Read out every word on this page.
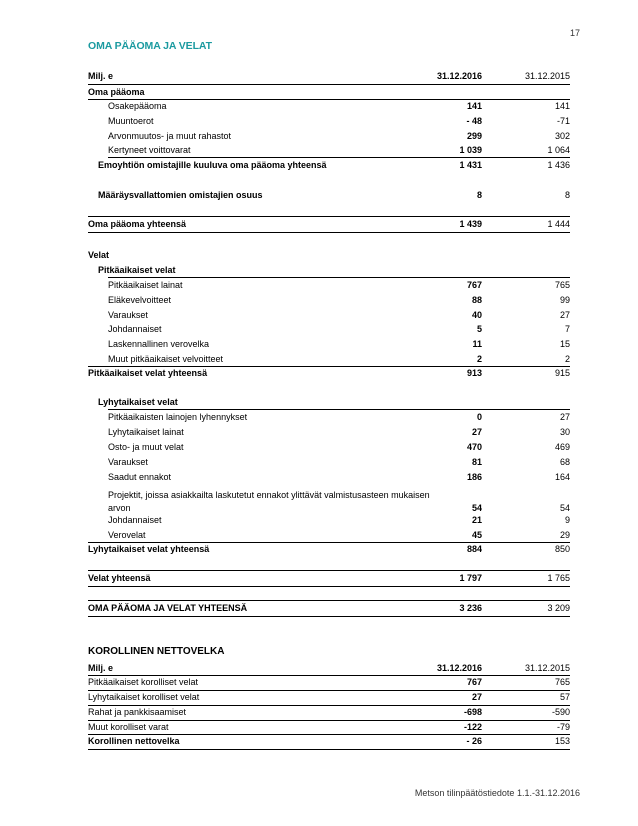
17
OMA PÄÄOMA JA VELAT
Milj. e	31.12.2016	31.12.2015
Oma pääoma
Osakepääoma	141	141
Muuntoerot	- 48	-71
Arvonmuutos- ja muut rahastot	299	302
Kertyneet voittovarat	1 039	1 064
Emoyhtiön omistajille kuuluva oma pääoma yhteensä	1 431	1 436
Määräysvallattomien omistajien osuus	8	8
Oma pääoma yhteensä	1 439	1 444
Velat
Pitkäaikaiset velat
Pitkäaikaiset lainat	767	765
Eläkevelvoitteet	88	99
Varaukset	40	27
Johdannaiset	5	7
Laskennallinen verovelka	11	15
Muut pitkäaikaiset velvoitteet	2	2
Pitkäaikaiset velat yhteensä	913	915
Lyhytaikaiset velat
Pitkäaikaisten lainojen lyhennykset	0	27
Lyhytaikaiset lainat	27	30
Osto- ja muut velat	470	469
Varaukset	81	68
Saadut ennakot	186	164
Projektit, joissa asiakkailta laskutetut ennakot ylittävät valmistusasteen mukaisen arvon	54	54
Johdannaiset	21	9
Verovelat	45	29
Lyhytaikaiset velat yhteensä	884	850
Velat yhteensä	1 797	1 765
OMA PÄÄOMA JA VELAT YHTEENSÄ	3 236	3 209
KOROLLINEN NETTOVELKA
Milj. e	31.12.2016	31.12.2015
Pitkäaikaiset korolliset velat	767	765
Lyhytaikaiset korolliset velat	27	57
Rahat ja pankkisaamiset	-698	-590
Muut korolliset varat	-122	-79
Korollinen nettovelka	- 26	153
Metson tilinpäätöstiedote 1.1.-31.12.2016
